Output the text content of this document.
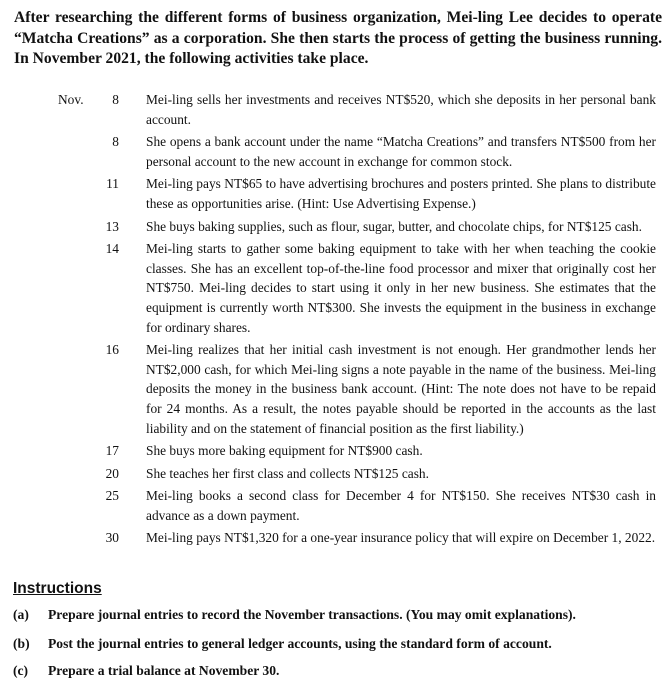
After researching the different forms of business organization, Mei-ling Lee decides to operate “Matcha Creations” as a corporation. She then starts the process of getting the business running. In November 2021, the following activities take place.
Nov.	8 Mei-ling sells her investments and receives NT$520, which she deposits in her personal bank account.
8 She opens a bank account under the name “Matcha Creations” and transfers NT$500 from her personal account to the new account in exchange for common stock.
11 Mei-ling pays NT$65 to have advertising brochures and posters printed. She plans to distribute these as opportunities arise. (Hint: Use Advertising Expense.)
13 She buys baking supplies, such as flour, sugar, butter, and chocolate chips, for NT$125 cash.
14 Mei-ling starts to gather some baking equipment to take with her when teaching the cookie classes. She has an excellent top-of-the-line food processor and mixer that originally cost her NT$750. Mei-ling decides to start using it only in her new business. She estimates that the equipment is currently worth NT$300. She invests the equipment in the business in exchange for ordinary shares.
16 Mei-ling realizes that her initial cash investment is not enough. Her grandmother lends her NT$2,000 cash, for which Mei-ling signs a note payable in the name of the business. Mei-ling deposits the money in the business bank account. (Hint: The note does not have to be repaid for 24 months. As a result, the notes payable should be reported in the accounts as the last liability and on the statement of financial position as the first liability.)
17 She buys more baking equipment for NT$900 cash.
20 She teaches her first class and collects NT$125 cash.
25 Mei-ling books a second class for December 4 for NT$150. She receives NT$30 cash in advance as a down payment.
30 Mei-ling pays NT$1,320 for a one-year insurance policy that will expire on December 1, 2022.
Instructions
(a)	Prepare journal entries to record the November transactions. (You may omit explanations).
(b)	Post the journal entries to general ledger accounts, using the standard form of account.
(c)	Prepare a trial balance at November 30.
